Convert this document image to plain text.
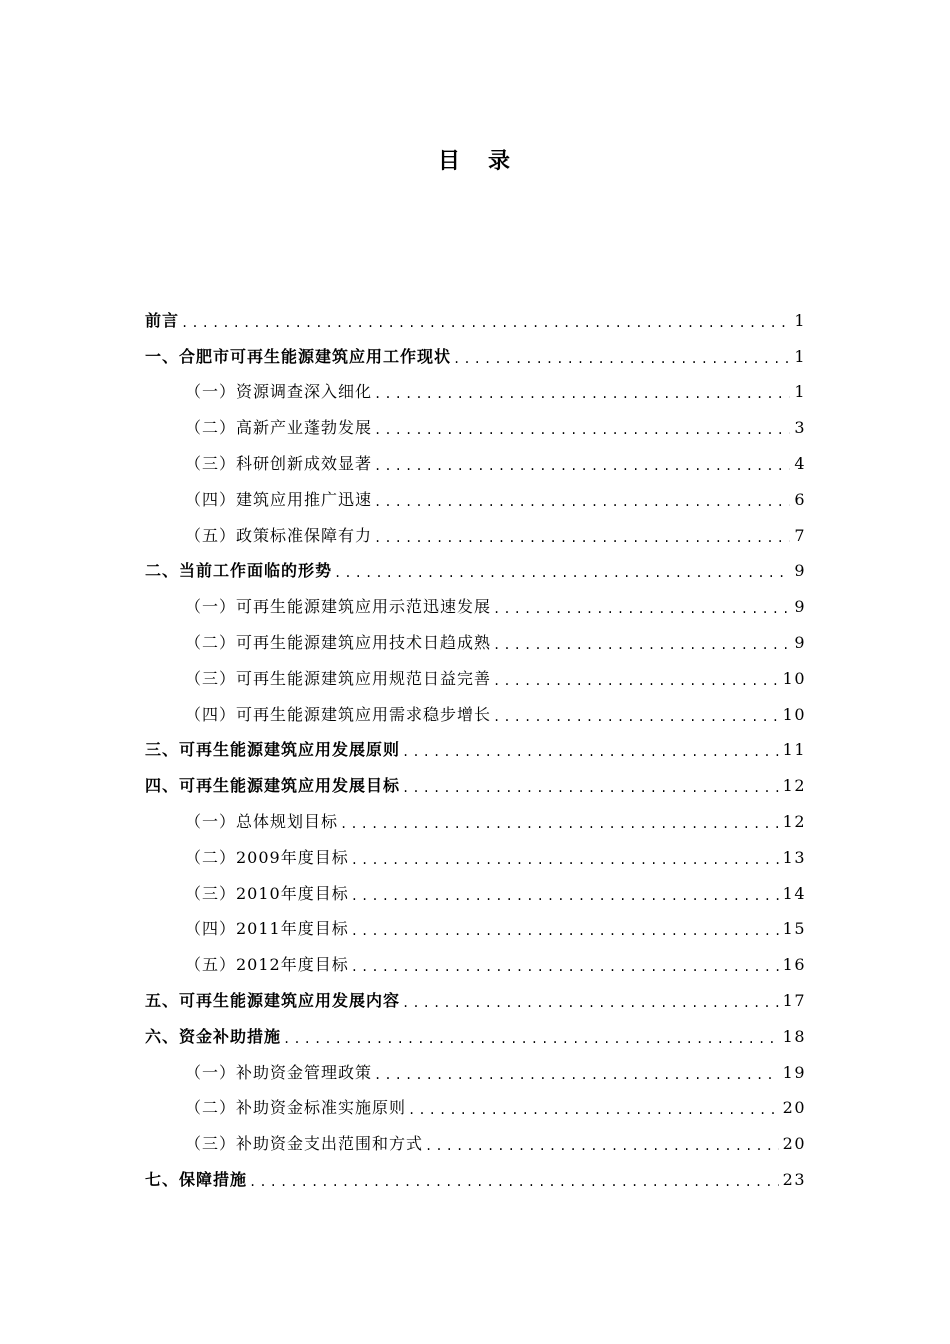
目 录
前言 .....	1
一、合肥市可再生能源建筑应用工作现状 .....	1
（一）资源调查深入细化 .....	1
（二）高新产业蓬勃发展 .....	3
（三）科研创新成效显著 .....	4
（四）建筑应用推广迅速 .....	6
（五）政策标准保障有力 .....	7
二、当前工作面临的形势 .....	9
（一）可再生能源建筑应用示范迅速发展 .....	9
（二）可再生能源建筑应用技术日趋成熟 .....	9
（三）可再生能源建筑应用规范日益完善 .....	10
（四）可再生能源建筑应用需求稳步增长 .....	10
三、可再生能源建筑应用发展原则 .....	11
四、可再生能源建筑应用发展目标 .....	12
（一）总体规划目标 .....	12
（二）2009年度目标 .....	13
（三）2010年度目标 .....	14
（四）2011年度目标 .....	15
（五）2012年度目标 .....	16
五、可再生能源建筑应用发展内容 .....	17
六、资金补助措施 .....	18
（一）补助资金管理政策 .....	19
（二）补助资金标准实施原则 .....	20
（三）补助资金支出范围和方式 .....	20
七、保障措施 .....	23
